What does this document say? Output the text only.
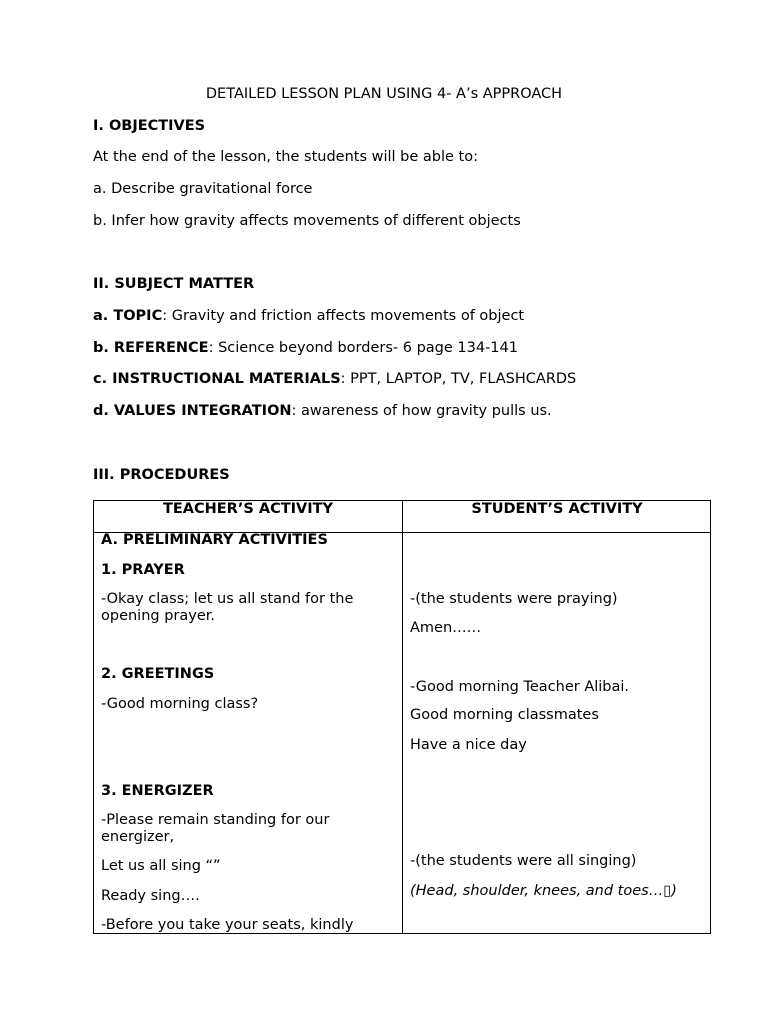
DETAILED LESSON PLAN USING 4- A’s APPROACH
I. OBJECTIVES
At the end of the lesson, the students will be able to:
a. Describe gravitational force
b. Infer how gravity affects movements of different objects
II. SUBJECT MATTER
a. TOPIC: Gravity and friction affects movements of object
b. REFERENCE: Science beyond borders- 6 page 134-141
c. INSTRUCTIONAL MATERIALS: PPT, LAPTOP, TV, FLASHCARDS
d. VALUES INTEGRATION: awareness of how gravity pulls us.
III. PROCEDURES
TEACHER’S ACTIVITY	STUDENT’S ACTIVITY
A. PRELIMINARY ACTIVITIES
1. PRAYER
-Okay class; let us all stand for the opening prayer.
2. GREETINGS
-Good morning class?
3. ENERGIZER
-Please remain standing for our energizer,
Let us all sing “”
Ready sing….
-Before you take your seats, kindly
-(the students were praying)
Amen……
-Good morning Teacher Alibai.
Good morning classmates
Have a nice day
-(the students were all singing)
(Head, shoulder, knees, and toes…▯)
